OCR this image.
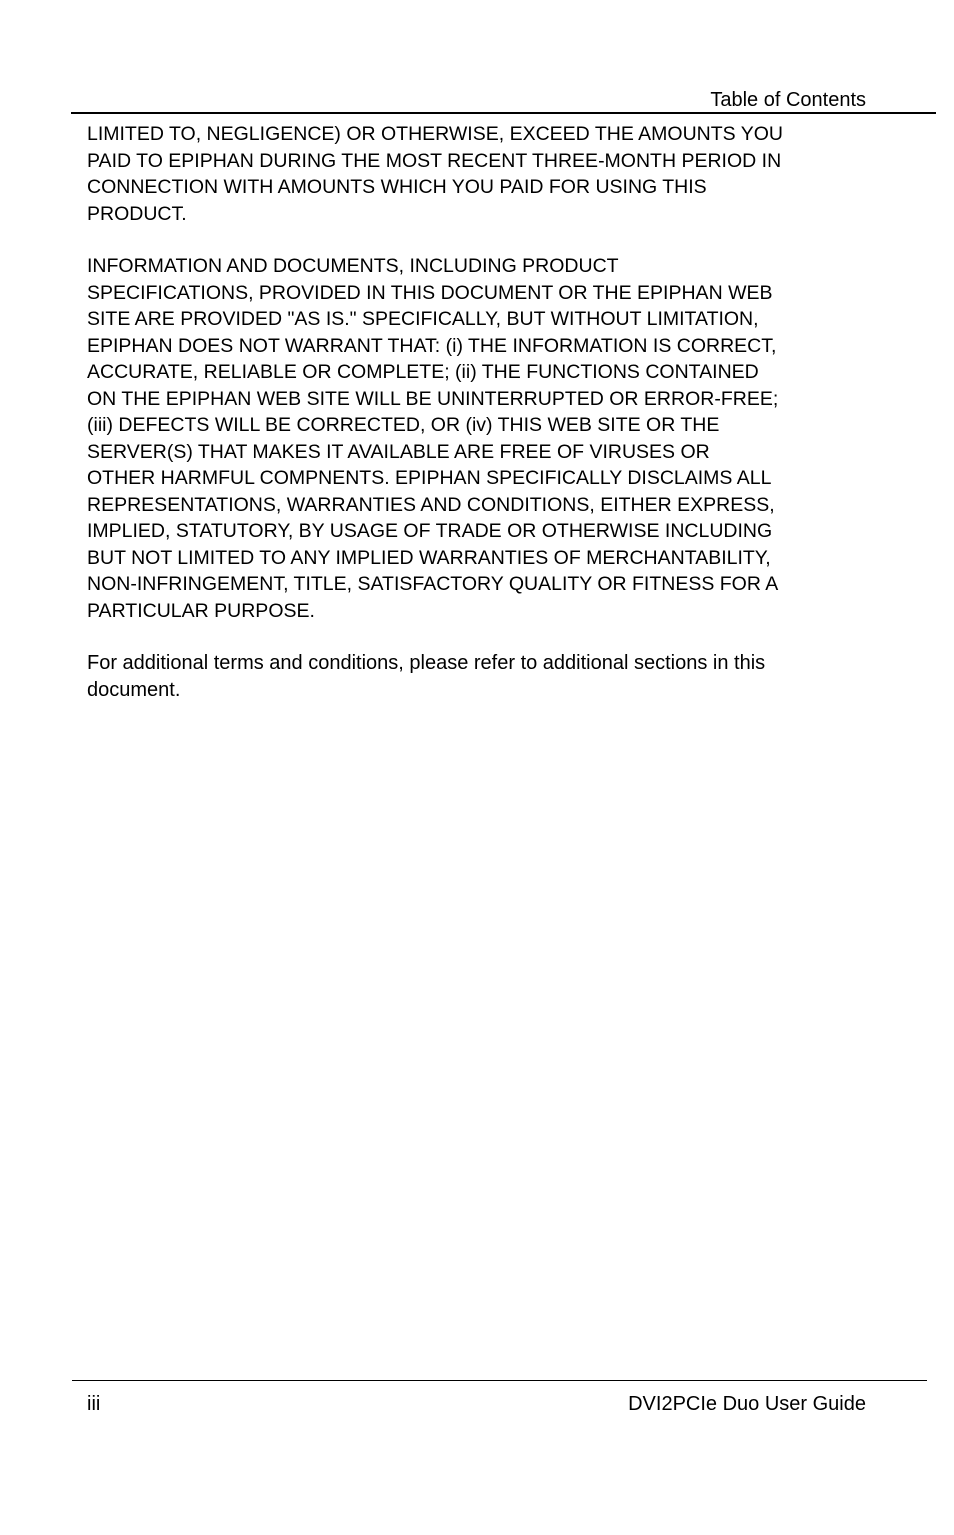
Table of Contents

LIMITED TO, NEGLIGENCE) OR OTHERWISE, EXCEED THE AMOUNTS YOU
PAID TO EPIPHAN DURING THE MOST RECENT THREE-MONTH PERIOD IN
CONNECTION WITH AMOUNTS WHICH YOU PAID FOR USING THIS
PRODUCT.

INFORMATION AND DOCUMENTS, INCLUDING PRODUCT
SPECIFICATIONS, PROVIDED IN THIS DOCUMENT OR THE EPIPHAN WEB
SITE ARE PROVIDED "AS IS." SPECIFICALLY, BUT WITHOUT LIMITATION,
EPIPHAN DOES NOT WARRANT THAT: (i) THE INFORMATION IS CORRECT,
ACCURATE, RELIABLE OR COMPLETE; (ii) THE FUNCTIONS CONTAINED
ON THE EPIPHAN WEB SITE WILL BE UNINTERRUPTED OR ERROR-FREE;
(iii) DEFECTS WILL BE CORRECTED, OR (iv) THIS WEB SITE OR THE
SERVER(S) THAT MAKES IT AVAILABLE ARE FREE OF VIRUSES OR
OTHER HARMFUL COMPNENTS. EPIPHAN SPECIFICALLY DISCLAIMS ALL
REPRESENTATIONS, WARRANTIES AND CONDITIONS, EITHER EXPRESS,
IMPLIED, STATUTORY, BY USAGE OF TRADE OR OTHERWISE INCLUDING
BUT NOT LIMITED TO ANY IMPLIED WARRANTIES OF MERCHANTABILITY,
NON-INFRINGEMENT, TITLE, SATISFACTORY QUALITY OR FITNESS FOR A
PARTICULAR PURPOSE.

For additional terms and conditions, please refer to additional sections in this
document.

iii	DVI2PCIe Duo User Guide
